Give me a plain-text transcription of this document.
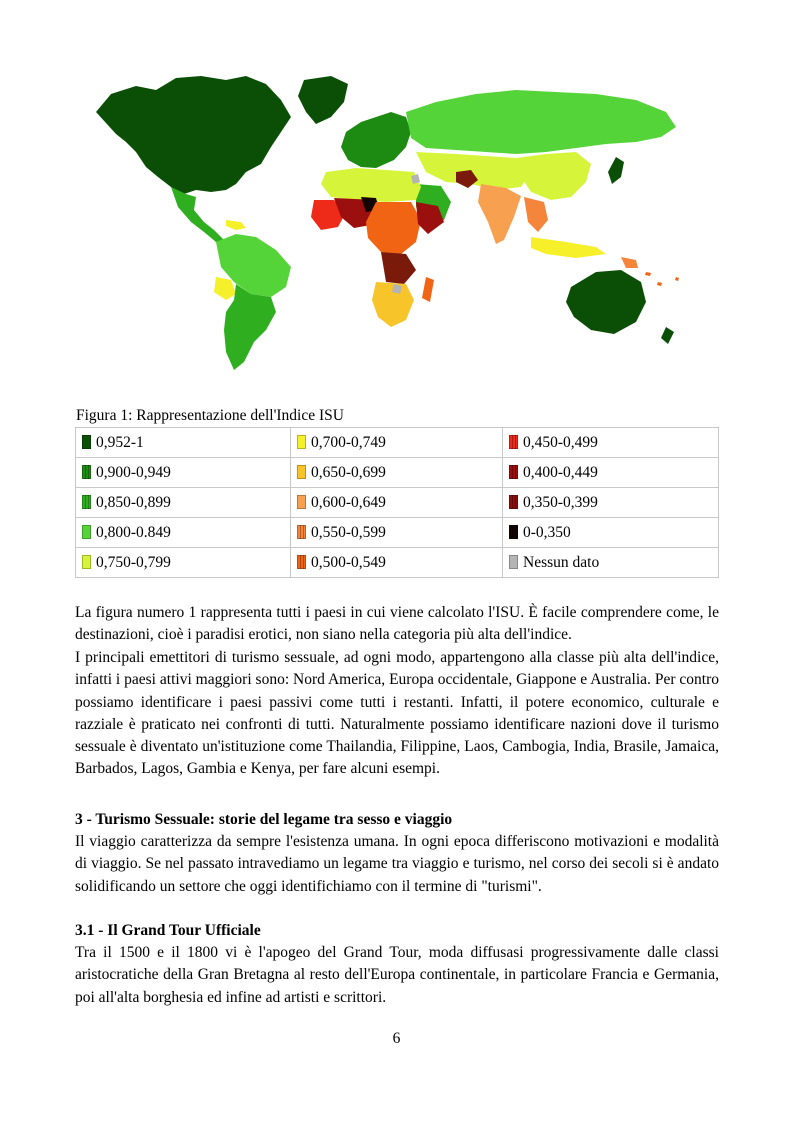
Figura 1: Rappresentazione dell'Indice ISU

0,952-1	0,700-0,749	0,450-0,499
0,900-0,949	0,650-0,699	0,400-0,449
0,850-0,899	0,600-0,649	0,350-0,399
0,800-0.849	0,550-0,599	0-0,350
0,750-0,799	0,500-0,549	Nessun dato

La figura numero 1 rappresenta tutti i paesi in cui viene calcolato l'ISU. È facile comprendere come, le destinazioni, cioè i paradisi erotici, non siano nella categoria più alta dell'indice.

I principali emettitori di turismo sessuale, ad ogni modo, appartengono alla classe più alta dell'indice, infatti i paesi attivi maggiori sono: Nord America, Europa occidentale, Giappone e Australia. Per contro possiamo identificare i paesi passivi come tutti i restanti. Infatti, il potere economico, culturale e razziale è praticato nei confronti di tutti. Naturalmente possiamo identificare nazioni dove il turismo sessuale è diventato un'istituzione come Thailandia, Filippine, Laos, Cambogia, India, Brasile, Jamaica, Barbados, Lagos, Gambia e Kenya, per fare alcuni esempi.

3 - Turismo Sessuale: storie del legame tra sesso e viaggio

Il viaggio caratterizza da sempre l'esistenza umana. In ogni epoca differiscono motivazioni e modalità di viaggio. Se nel passato intravediamo un legame tra viaggio e turismo, nel corso dei secoli si è andato solidificando un settore che oggi identifichiamo con il termine di "turismi".

3.1 - Il Grand Tour Ufficiale

Tra il 1500 e il 1800 vi è l'apogeo del Grand Tour, moda diffusasi progressivamente dalle classi aristocratiche della Gran Bretagna al resto dell'Europa continentale, in particolare Francia e Germania, poi all'alta borghesia ed infine ad artisti e scrittori.

6
